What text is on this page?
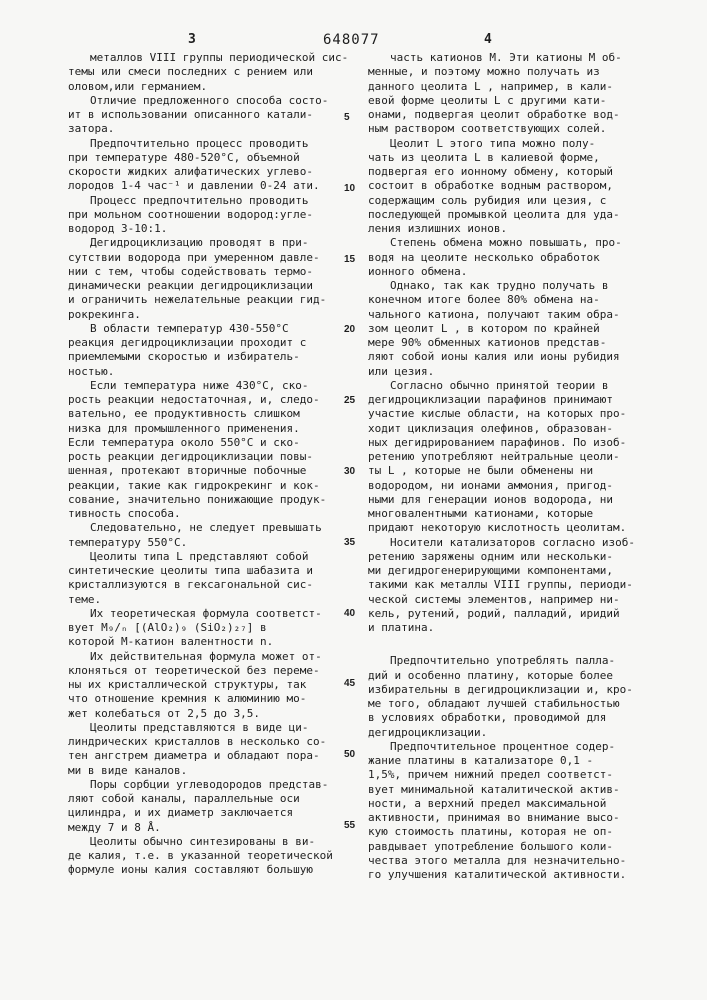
3	648077	4
металлов VIII группы периодической сис-
темы или смеси последних с рением или
оловом,или германием.
Отличие предложенного способа состо-
ит в использовании описанного катали-
затора.
Предпочтительно процесс проводить
при температуре 480-520°С, объемной
скорости жидких алифатических углево-
лородов 1-4 час⁻¹ и давлении 0-24 ати.
Процесс предпочтительно проводить
при мольном соотношении водород:угле-
водород 3-10:1.
Дегидроциклизацию проводят в при-
сутствии водорода при умеренном давле-
нии с тем, чтобы содействовать термо-
динамически реакции дегидроциклизации
и ограничить нежелательные реакции гид-
рокрекинга.
В области температур 430-550°С
реакция дегидроциклизации проходит с
приемлемыми скоростью и избиратель-
ностью.
Если температура ниже 430°С, ско-
рость реакции недостаточная, и, следо-
вательно, ее продуктивность слишком
низка для промышленного применения.
Если температура около 550°С и ско-
рость реакции дегидроциклизации повы-
шенная, протекают вторичные побочные
реакции, такие как гидрокрекинг и кок-
сование, значительно понижающие продук-
тивность способа.
Следовательно, не следует превышать
температуру 550°С.
Цеолиты типа L представляют собой
синтетические цеолиты типа шабазита и
кристаллизуются в гексагональной сис-
теме.
Их теоретическая формула соответст-
вует M₉/ₙ [(AlO₂)₉ (SiO₂)₂₇] в
которой M-катион валентности n.
Их действительная формула может от-
клоняться от теоретической без переме-
ны их кристаллической структуры, так
что отношение кремния к алюминию мо-
жет колебаться от 2,5 до 3,5.
Цеолиты представляются в виде ци-
линдрических кристаллов в несколько со-
тен ангстрем диаметра и обладают пора-
ми в виде каналов.
Поры сорбции углеводородов представ-
ляют собой каналы, параллельные оси
цилиндра, и их диаметр заключается
между 7 и 8 Å.
Цеолиты обычно синтезированы в ви-
де калия, т.е. в указанной теоретической
формуле ионы калия составляют большую
часть катионов M. Эти катионы M об-
менные, и поэтому можно получать из
данного цеолита L , например, в кали-
евой форме цеолиты L с другими кати-
онами, подвергая цеолит обработке вод-
ным раствором соответствующих солей.
Цеолит L этого типа можно полу-
чать из цеолита L в калиевой форме,
подвергая его ионному обмену, который
состоит в обработке водным раствором,
содержащим соль рубидия или цезия, с
последующей промывкой цеолита для уда-
ления излишних ионов.
Степень обмена можно повышать, про-
водя на цеолите несколько обработок
ионного обмена.
Однако, так как трудно получать в
конечном итоге более 80% обмена на-
чального катиона, получают таким обра-
зом цеолит L , в котором по крайней
мере 90% обменных катионов представ-
ляют собой ионы калия или ионы рубидия
или цезия.
Согласно обычно принятой теории в
дегидроциклизации парафинов принимают
участие кислые области, на которых про-
ходит циклизация олефинов, образован-
ных дегидрированием парафинов. По изоб-
ретению употребляют нейтральные цеоли-
ты L , которые не были обменены ни
водородом, ни ионами аммония, пригод-
ными для генерации ионов водорода, ни
многовалентными катионами, которые
придают некоторую кислотность цеолитам.
Носители катализаторов согласно изоб-
ретению заряжены одним или нескольки-
ми дегидрогенерирующими компонентами,
такими как металлы VIII группы, периоди-
ческой системы элементов, например ни-
кель, рутений, родий, палладий, иридий
и платина.
Предпочтительно употреблять палла-
дий и особенно платину, которые более
избирательны в дегидроциклизации и, кро-
ме того, обладают лучшей стабильностью
в условиях обработки, проводимой для
дегидроциклизации.
Предпочтительное процентное содер-
жание платины в катализаторе 0,1 -
1,5%, причем нижний предел соответст-
вует минимальной каталитической актив-
ности, а верхний предел максимальной
активности, принимая во внимание высо-
кую стоимость платины, которая не оп-
равдывает употребление большого коли-
чества этого металла для незначительно-
го улучшения каталитической активности.
5
10
15
20
25
30
35
40
45
50
55
